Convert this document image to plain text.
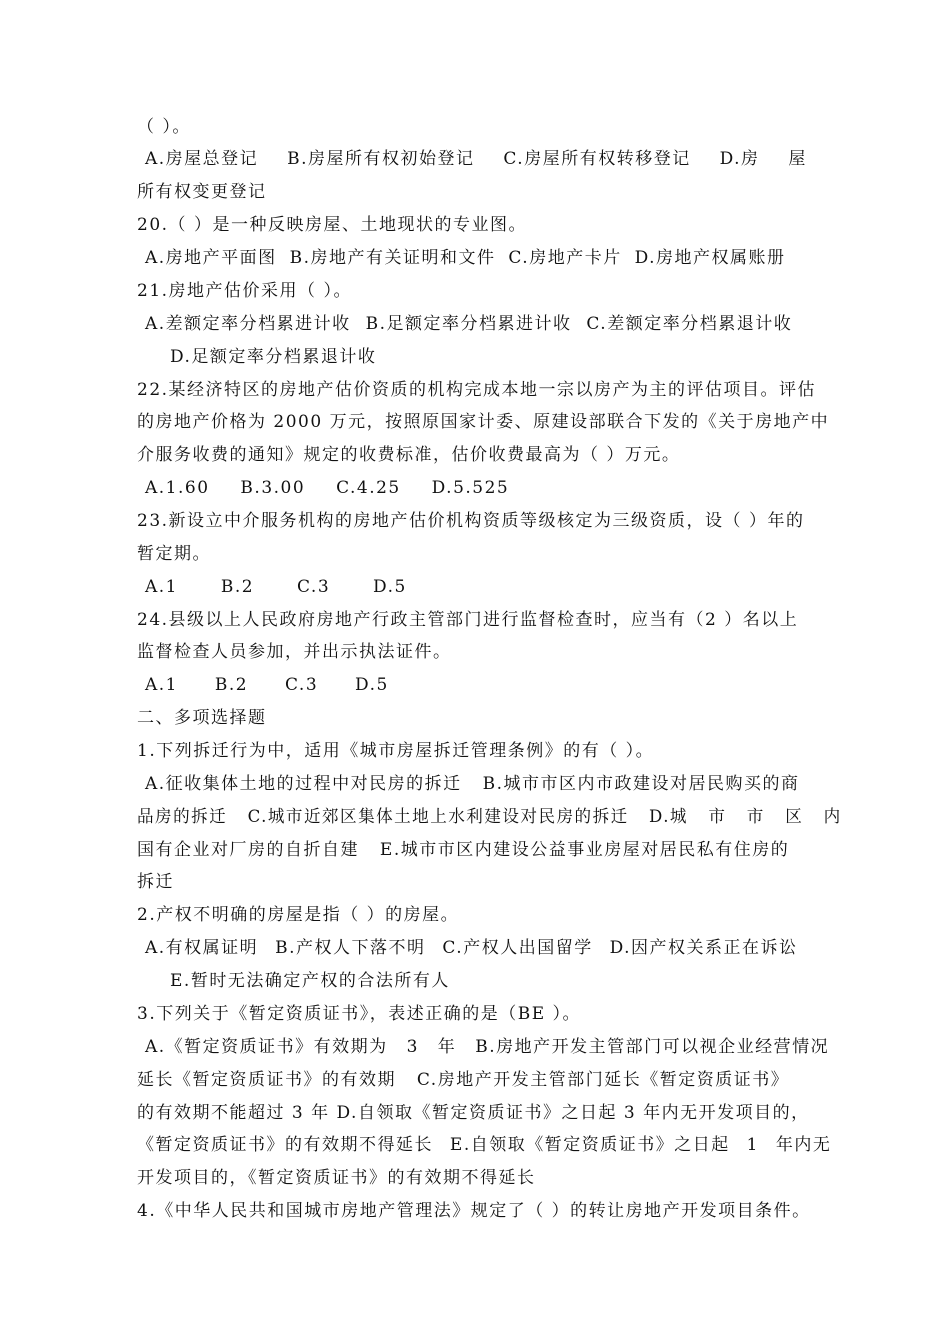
（ ）。
A.房屋总登记 B.房屋所有权初始登记 C.房屋所有权转移登记 D.房 屋
所有权变更登记
20.（ ）是一种反映房屋、土地现状的专业图。
A.房地产平面图 B.房地产有关证明和文件 C.房地产卡片 D.房地产权属账册
21.房地产估价采用（ ）。
A.差额定率分档累进计收 B.足额定率分档累进计收 C.差额定率分档累退计收
D.足额定率分档累退计收
22.某经济特区的房地产估价资质的机构完成本地一宗以房产为主的评估项目。评估
的房地产价格为 2000 万元，按照原国家计委、原建设部联合下发的《关于房地产中
介服务收费的通知》规定的收费标准，估价收费最高为（ ）万元。
A.1.60 B.3.00 C.4.25 D.5.525
23.新设立中介服务机构的房地产估价机构资质等级核定为三级资质，设（ ）年的
暂定期。
A.1 B.2 C.3 D.5
24.县级以上人民政府房地产行政主管部门进行监督检查时，应当有（2 ）名以上
监督检查人员参加，并出示执法证件。
A.1 B.2 C.3 D.5
二、多项选择题
1.下列拆迁行为中，适用《城市房屋拆迁管理条例》的有（ ）。
A.征收集体土地的过程中对民房的拆迁 B.城市市区内市政建设对居民购买的商
品房的拆迁 C.城市近郊区集体土地上水利建设对民房的拆迁 D.城 市 市 区 内
国有企业对厂房的自折自建 E.城市市区内建设公益事业房屋对居民私有住房的
拆迁
2.产权不明确的房屋是指（ ）的房屋。
A.有权属证明 B.产权人下落不明 C.产权人出国留学 D.因产权关系正在诉讼
E.暂时无法确定产权的合法所有人
3.下列关于《暂定资质证书》，表述正确的是（BE ）。
A.《暂定资质证书》有效期为 3 年 B.房地产开发主管部门可以视企业经营情况
延长《暂定资质证书》的有效期 C.房地产开发主管部门延长《暂定资质证书》
的有效期不能超过 3 年 D.自领取《暂定资质证书》之日起 3 年内无开发项目的，
《暂定资质证书》的有效期不得延长 E.自领取《暂定资质证书》之日起 1 年内无
开发项目的，《暂定资质证书》的有效期不得延长
4.《中华人民共和国城市房地产管理法》规定了（ ）的转让房地产开发项目条件。
